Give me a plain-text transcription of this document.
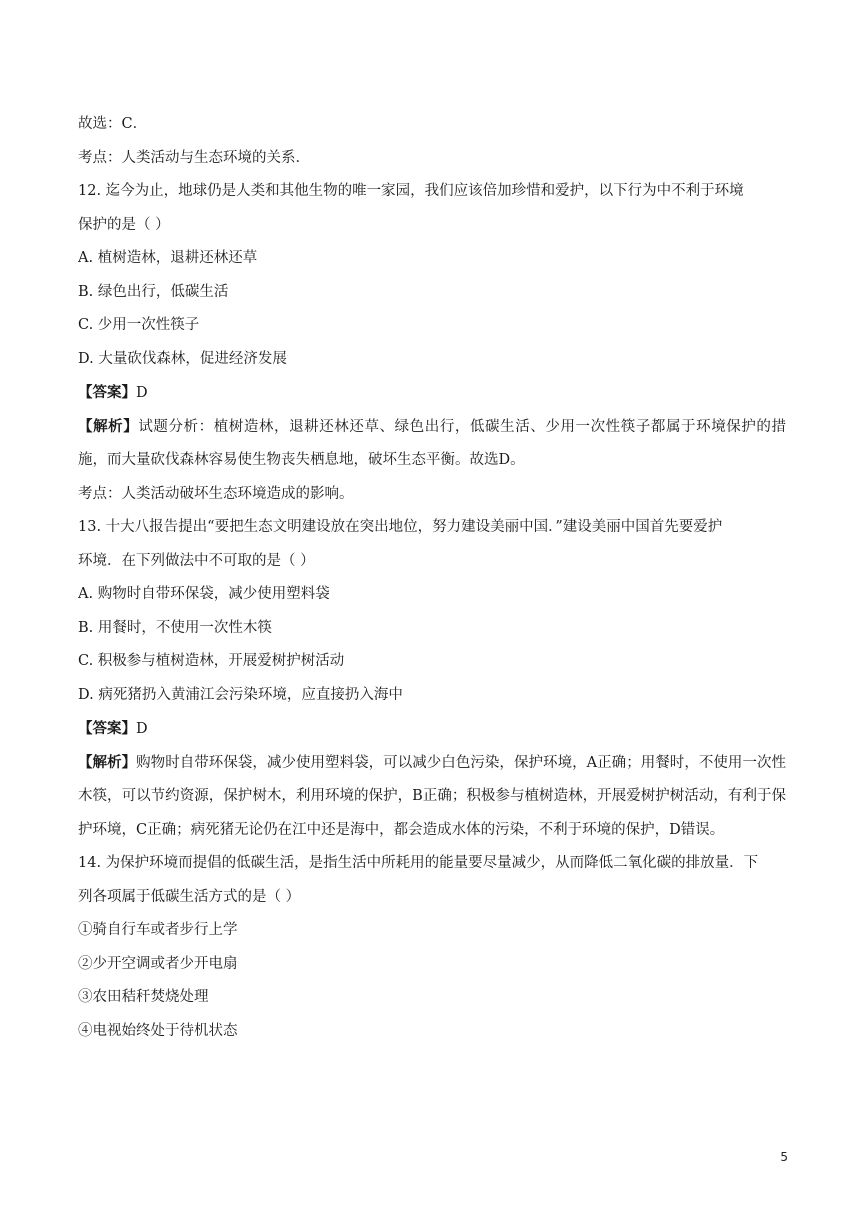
故选：C．
考点：人类活动与生态环境的关系．
12. 迄今为止，地球仍是人类和其他生物的唯一家园，我们应该倍加珍惜和爱护，以下行为中不利于环境
保护的是（ ）
A. 植树造林，退耕还林还草
B. 绿色出行，低碳生活
C. 少用一次性筷子
D. 大量砍伐森林，促进经济发展
【答案】D
【解析】试题分析：植树造林，退耕还林还草、绿色出行，低碳生活、少用一次性筷子都属于环境保护的措施，而大量砍伐森林容易使生物丧失栖息地，破坏生态平衡。故选D。
考点：人类活动破坏生态环境造成的影响。
13. 十大八报告提出“要把生态文明建设放在突出地位，努力建设美丽中国．”建设美丽中国首先要爱护
环境．在下列做法中不可取的是（ ）
A. 购物时自带环保袋，减少使用塑料袋
B. 用餐时，不使用一次性木筷
C. 积极参与植树造林，开展爱树护树活动
D. 病死猪扔入黄浦江会污染环境，应直接扔入海中
【答案】D
【解析】购物时自带环保袋，减少使用塑料袋，可以减少白色污染，保护环境，A正确；用餐时，不使用一次性木筷，可以节约资源，保护树木，利用环境的保护，B正确；积极参与植树造林，开展爱树护树活动，有利于保护环境，C正确；病死猪无论仍在江中还是海中，都会造成水体的污染，不利于环境的保护，D错误。
14. 为保护环境而提倡的低碳生活，是指生活中所耗用的能量要尽量减少，从而降低二氧化碳的排放量．下
列各项属于低碳生活方式的是（ ）
①骑自行车或者步行上学
②少开空调或者少开电扇
③农田秸秆焚烧处理
④电视始终处于待机状态
5
